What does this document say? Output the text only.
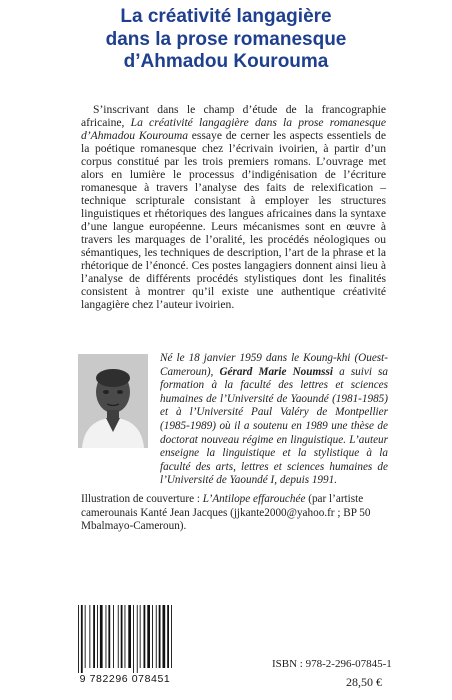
La créativité langagière
dans la prose romanesque
d’Ahmadou Kourouma

S’inscrivant dans le champ d’étude de la francographie africaine, La créativité langagière dans la prose romanesque d’Ahmadou Kourouma essaye de cerner les aspects essentiels de la poétique romanesque chez l’écrivain ivoirien, à partir d’un corpus constitué par les trois premiers romans. L’ouvrage met alors en lumière le processus d’indigénisation de l’écriture romanesque à travers l’analyse des faits de relexification – technique scripturale consistant à employer les structures linguistiques et rhétoriques des langues africaines dans la syntaxe d’une langue européenne. Leurs mécanismes sont en œuvre à travers les marquages de l’oralité, les procédés néologiques ou sémantiques, les techniques de description, l’art de la phrase et la rhétorique de l’énoncé. Ces postes langagiers donnent ainsi lieu à l’analyse de différents procédés stylistiques dont les finalités consistent à montrer qu’il existe une authentique créativité langagière chez l’auteur ivoirien.

Né le 18 janvier 1959 dans le Koung-khi (Ouest-Cameroun), Gérard Marie Noumssi a suivi sa formation à la faculté des lettres et sciences humaines de l’Université de Yaoundé (1981-1985) et à l’Université Paul Valéry de Montpellier (1985-1989) où il a soutenu en 1989 une thèse de doctorat nouveau régime en linguistique. L’auteur enseigne la linguistique et la stylistique à la faculté des arts, lettres et sciences humaines de l’Université de Yaoundé I, depuis 1991.

Illustration de couverture : L’Antilope effarouchée (par l’artiste camerounais Kanté Jean Jacques (jjkante2000@yahoo.fr ; BP 50 Mbalmayo-Cameroun).

9 782296 078451
ISBN : 978-2-296-07845-1
28,50 €
